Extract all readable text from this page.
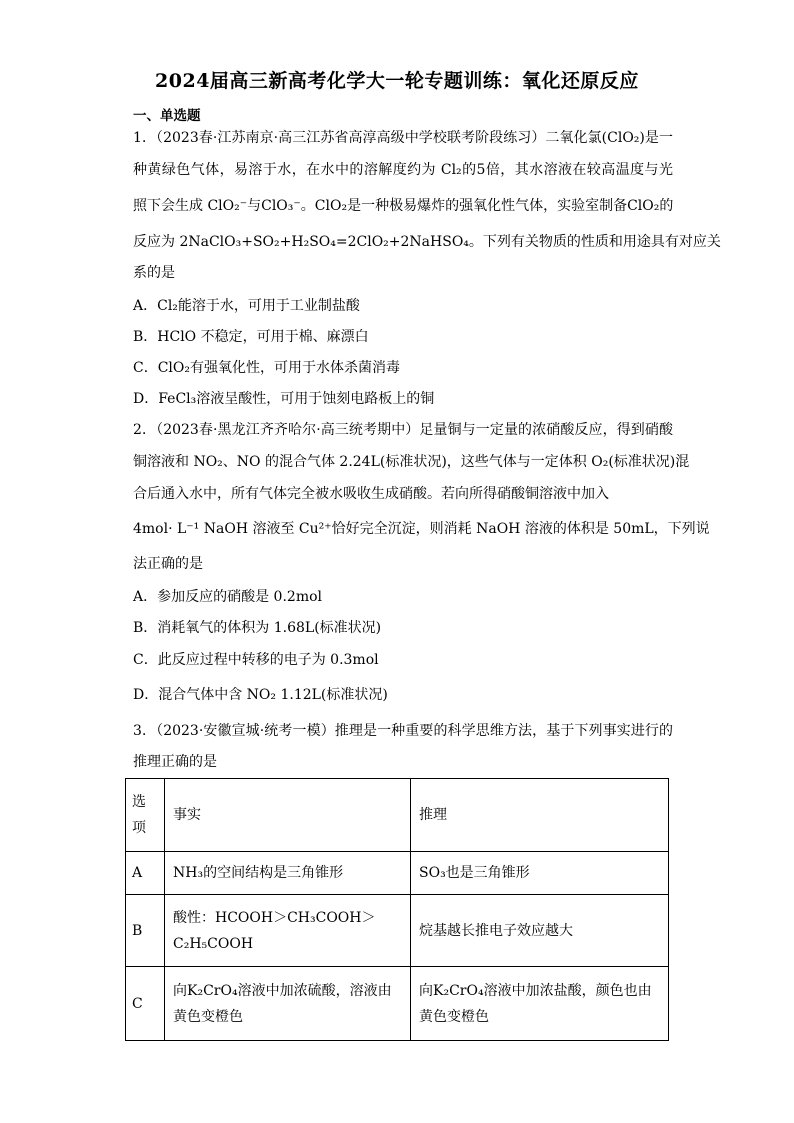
2024届高三新高考化学大一轮专题训练：氧化还原反应
一、单选题
1．（2023春·江苏南京·高三江苏省高淳高级中学校联考阶段练习）二氧化氯(ClO₂)是一
种黄绿色气体，易溶于水，在水中的溶解度约为 Cl₂的5倍，其水溶液在较高温度与光
照下会生成 ClO₂⁻与ClO₃⁻。ClO₂是一种极易爆炸的强氧化性气体，实验室制备ClO₂的
反应为 2NaClO₃+SO₂+H₂SO₄=2ClO₂+2NaHSO₄。下列有关物质的性质和用途具有对应关
系的是
A．Cl₂能溶于水，可用于工业制盐酸
B．HClO 不稳定，可用于棉、麻漂白
C．ClO₂有强氧化性，可用于水体杀菌消毒
D．FeCl₃溶液呈酸性，可用于蚀刻电路板上的铜
2．（2023春·黑龙江齐齐哈尔·高三统考期中）足量铜与一定量的浓硝酸反应，得到硝酸
铜溶液和 NO₂、NO 的混合气体 2.24L(标准状况)，这些气体与一定体积 O₂(标准状况)混
合后通入水中，所有气体完全被水吸收生成硝酸。若向所得硝酸铜溶液中加入
4mol· L⁻¹ NaOH 溶液至 Cu²⁺恰好完全沉淀，则消耗 NaOH 溶液的体积是 50mL，下列说
法正确的是
A．参加反应的硝酸是 0.2mol
B．消耗氧气的体积为 1.68L(标准状况)
C．此反应过程中转移的电子为 0.3mol
D．混合气体中含 NO₂ 1.12L(标准状况)
3．（2023·安徽宣城·统考一模）推理是一种重要的科学思维方法，基于下列事实进行的
推理正确的是
选项	事实	推理
A	NH₃的空间结构是三角锥形	SO₃也是三角锥形
B	酸性：HCOOH＞CH₃COOH＞C₂H₅COOH	烷基越长推电子效应越大
C	向K₂CrO₄溶液中加浓硫酸，溶液由黄色变橙色	向K₂CrO₄溶液中加浓盐酸，颜色也由黄色变橙色
